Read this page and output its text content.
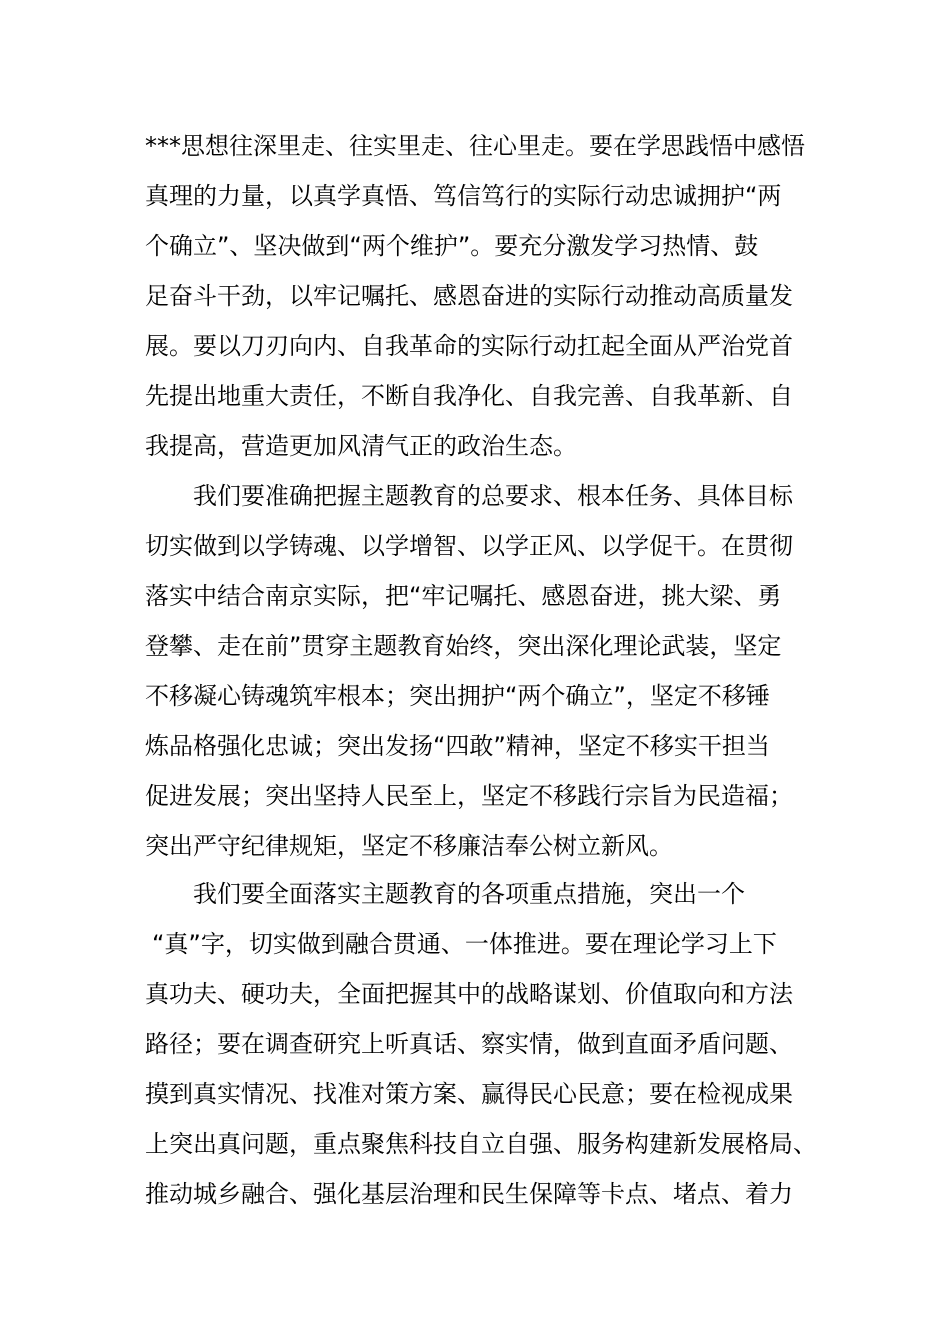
***思想往深里走、往实里走、往心里走。要在学思践悟中感悟
真理的力量，以真学真悟、笃信笃行的实际行动忠诚拥护“两
个确立”、坚决做到“两个维护”。要充分激发学习热情、鼓
足奋斗干劲，以牢记嘱托、感恩奋进的实际行动推动高质量发
展。要以刀刃向内、自我革命的实际行动扛起全面从严治党首
先提出地重大责任，不断自我净化、自我完善、自我革新、自
我提高，营造更加风清气正的政治生态。
我们要准确把握主题教育的总要求、根本任务、具体目标
切实做到以学铸魂、以学增智、以学正风、以学促干。在贯彻
落实中结合南京实际，把“牢记嘱托、感恩奋进，挑大梁、勇
登攀、走在前”贯穿主题教育始终，突出深化理论武装，坚定
不移凝心铸魂筑牢根本；突出拥护“两个确立”，坚定不移锤
炼品格强化忠诚；突出发扬“四敢”精神，坚定不移实干担当
促进发展；突出坚持人民至上，坚定不移践行宗旨为民造福；
突出严守纪律规矩，坚定不移廉洁奉公树立新风。
我们要全面落实主题教育的各项重点措施，突出一个
“真”字，切实做到融合贯通、一体推进。要在理论学习上下
真功夫、硬功夫，全面把握其中的战略谋划、价值取向和方法
路径；要在调查研究上听真话、察实情，做到直面矛盾问题、
摸到真实情况、找准对策方案、赢得民心民意；要在检视成果
上突出真问题，重点聚焦科技自立自强、服务构建新发展格局、
推动城乡融合、强化基层治理和民生保障等卡点、堵点、着力
